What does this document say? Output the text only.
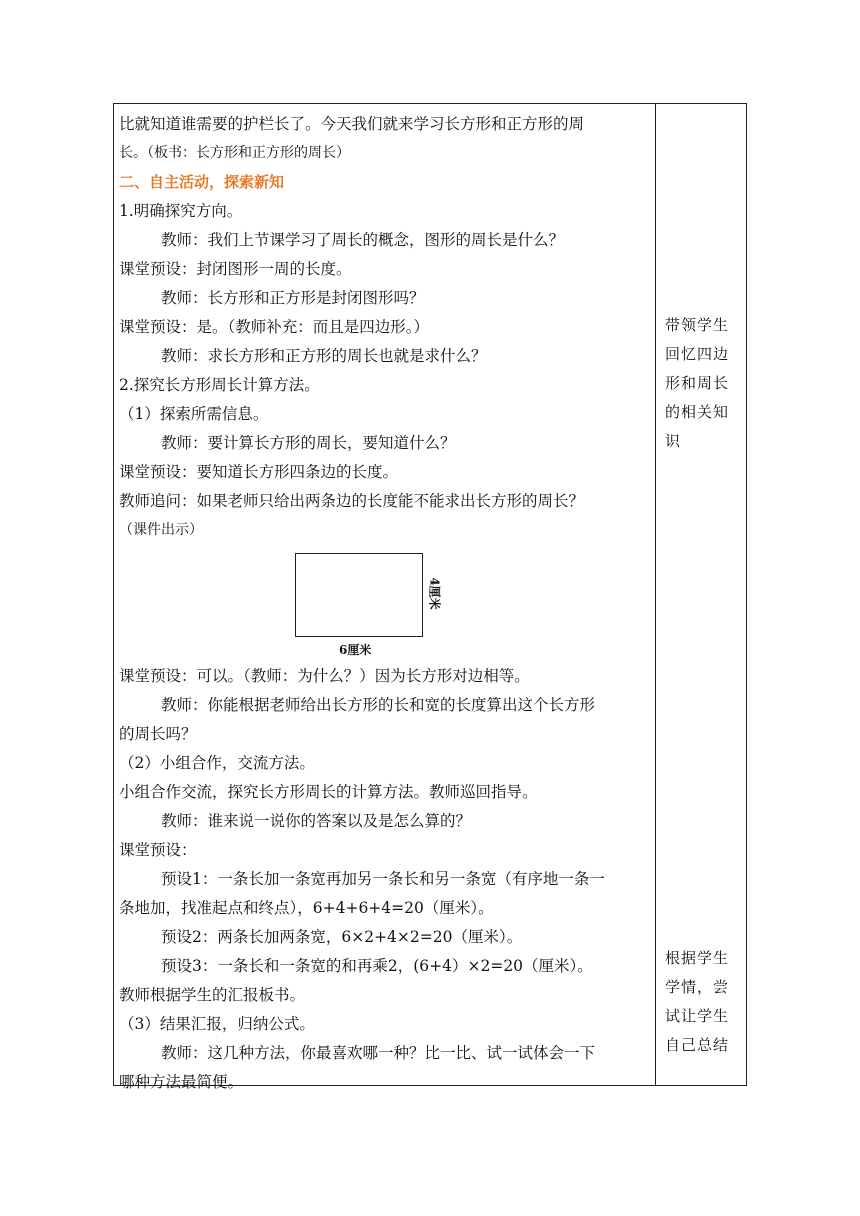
比就知道谁需要的护栏长了。今天我们就来学习长方形和正方形的周
长。（板书：长方形和正方形的周长）
二、自主活动，探索新知
1.明确探究方向。
教师：我们上节课学习了周长的概念，图形的周长是什么？
课堂预设：封闭图形一周的长度。
教师：长方形和正方形是封闭图形吗？
课堂预设：是。（教师补充：而且是四边形。）
教师：求长方形和正方形的周长也就是求什么？
2.探究长方形周长计算方法。
（1）探索所需信息。
教师：要计算长方形的周长，要知道什么？
课堂预设：要知道长方形四条边的长度。
教师追问：如果老师只给出两条边的长度能不能求出长方形的周长？
（课件出示）
4厘米
6厘米
课堂预设：可以。（教师：为什么？）因为长方形对边相等。
教师：你能根据老师给出长方形的长和宽的长度算出这个长方形
的周长吗？
（2）小组合作，交流方法。
小组合作交流，探究长方形周长的计算方法。教师巡回指导。
教师：谁来说一说你的答案以及是怎么算的？
课堂预设：
预设1：一条长加一条宽再加另一条长和另一条宽（有序地一条一
条地加，找准起点和终点），6+4+6+4=20（厘米）。
预设2：两条长加两条宽，6×2+4×2=20（厘米）。
预设3：一条长和一条宽的和再乘2，(6+4）×2=20（厘米）。
教师根据学生的汇报板书。
（3）结果汇报，归纳公式。
教师：这几种方法，你最喜欢哪一种？比一比、试一试体会一下
哪种方法最简便。
带领学生
回忆四边
形和周长
的相关知
识
根据学生
学情，尝
试让学生
自己总结
